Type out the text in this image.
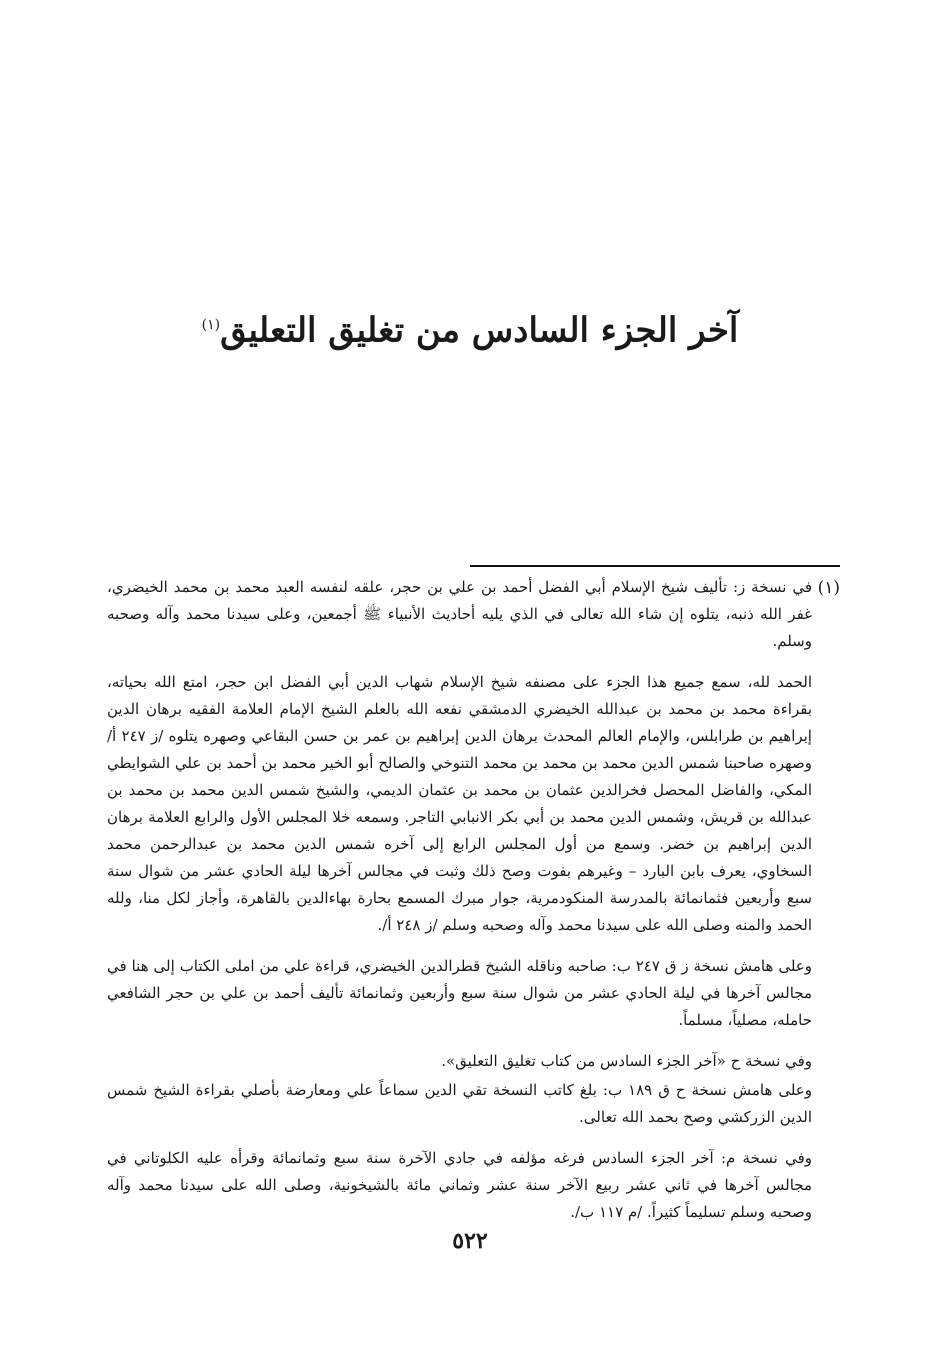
آخر الجزء السادس من تغليق التعليق$^{(١)}$
(١)

في نسخة ز: تأليف شيخ الإسلام أبي الفضل أحمد بن علي بن حجر، علقه لنفسه العبد محمد بن محمد الخيضري، غفر الله ذنبه، يتلوه إن شاء الله تعالى في الذي يليه أحاديث الأنبياء ﷺ أجمعين، وعلى سيدنا محمد وآله وصحبه وسلم.

الحمد لله، سمع جميع هذا الجزء على مصنفه شيخ الإسلام شهاب الدين أبي الفضل ابن حجر، امتع الله بحياته، بقراءة محمد بن محمد بن عبدالله الخيضري الدمشقي نفعه الله بالعلم الشيخ الإمام العلامة الفقيه برهان الدين إبراهيم بن طرابلس، والإمام العالم المحدث برهان الدين إبراهيم بن عمر بن حسن البقاعي وصهره يتلوه /ز ٢٤٧ أ/ وصهره صاحبنا شمس الدين محمد بن محمد بن محمد التنوخي والصالح أبو الخير محمد بن أحمد بن علي الشوايطي المكي، والفاضل المحصل فخرالدين عثمان بن محمد بن عثمان الديمي، والشيخ شمس الدين محمد بن محمد بن عبدالله بن قريش، وشمس الدين محمد بن أبي بكر الانبابي التاجر. وسمعه خلا المجلس الأول والرابع العلامة برهان الدين إبراهيم بن خضر. وسمع من أول المجلس الرابع إلى آخره شمس الدين محمد بن عبدالرحمن محمد السخاوي، يعرف بابن البارد – وغيرهم بفوت وصح ذلك وثبت في مجالس آخرها ليلة الحادي عشر من شوال سنة سبع وأربعين فثمانمائة بالمدرسة المنكودمرية، جوار مبرك المسمع بحارة بهاءالدين بالقاهرة، وأجاز لكل منا، ولله الحمد والمنه وصلى الله على سيدنا محمد وآله وصحبه وسلم /ز ٢٤٨ أ/.

وعلى هامش نسخة ز ق ٢٤٧ ب: صاحبه وناقله الشيخ قطرالدين الخيضري، قراءة علي من املى الكتاب إلى هنا في مجالس آخرها في ليلة الحادي عشر من شوال سنة سبع وأربعين وثمانمائة تأليف أحمد بن علي بن حجر الشافعي حامله، مصلياً، مسلماً.

وفي نسخة ح «آخر الجزء السادس من كتاب تغليق التعليق».

وعلى هامش نسخة ح ق ١٨٩ ب: بلغ كاتب النسخة تقي الدين سماعاً علي ومعارضة بأصلي بقراءة الشيخ شمس الدين الزركشي وصح بحمد الله تعالى.

وفي نسخة م: آخر الجزء السادس فرغه مؤلفه في جادي الآخرة سنة سبع وثمانمائة وقرأه عليه الكلوتاني في مجالس آخرها في ثاني عشر ربيع الآخر سنة عشر وثماني مائة بالشيخونية، وصلى الله على سيدنا محمد وآله وصحبه وسلم تسليماً كثيراً. /م ١١٧ ب/.

٥٢٢
